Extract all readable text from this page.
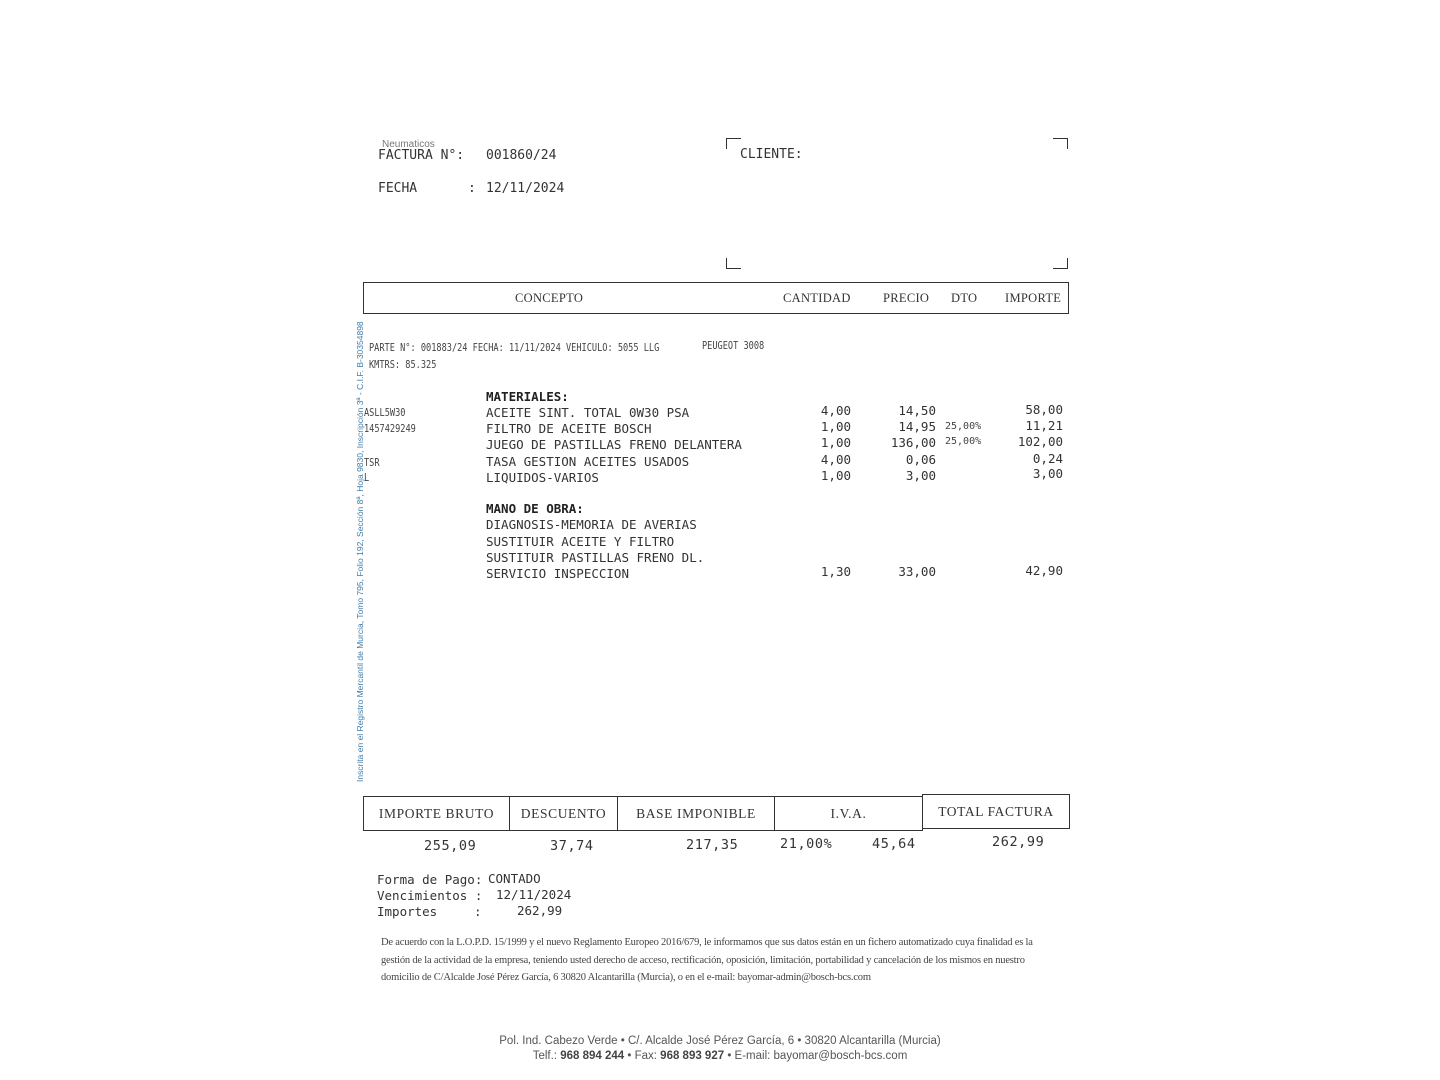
Neumaticos
FACTURA N°: 001860/24
FECHA	: 12/11/2024
CLIENTE:
CONCEPTO	CANTIDAD	PRECIO DTO IMPORTE
Inscrita en el Registro Mercantil de Murcia, Tomo 795, Folio 192, Sección 8ª, Hoja 9830, Inscripción 3ª - C.I.F. B-30354898 PARTE N°: 001883/24 FECHA: 11/11/2024 VEHICULO: 5055 LLG	PEUGEOT 3008
KMTRS: 85.325
MATERIALES:
ASLL5W30	ACEITE SINT. TOTAL 0W30 PSA	4,00	14,50	58,00
1457429249	FILTRO DE ACEITE BOSCH	1,00	14,95 25,00%	11,21
JUEGO DE PASTILLAS FRENO DELANTERA	1,00	136,00 25,00%	102,00
TSR	TASA GESTION ACEITES USADOS	4,00	0,06	0,24
L	LIQUIDOS-VARIOS	1,00	3,00	3,00
MANO DE OBRA:
DIAGNOSIS-MEMORIA DE AVERIAS
SUSTITUIR ACEITE Y FILTRO
SUSTITUIR PASTILLAS FRENO DL.
SERVICIO INSPECCION	1,30	33,00	42,90
IMPORTE BRUTO	DESCUENTO	BASE IMPONIBLE	I.V.A.	TOTAL FACTURA
255,09	37,74	217,35	21,00%	45,64	262,99
Forma de Pago: CONTADO
Vencimientos : 12/11/2024
Importes	:	262,99
De acuerdo con la L.O.P.D. 15/1999 y el nuevo Reglamento Europeo 2016/679, le informamos que sus datos están en un fichero automatizado cuya finalidad es la gestión de la actividad de la empresa, teniendo usted derecho de acceso, rectificación, oposición, limitación, portabilidad y cancelación de los mismos en nuestro domicilio de C/Alcalde José Pérez García, 6 30820 Alcantarilla (Murcia), o en el e-mail: bayomar-admin@bosch-bcs.com
Pol. Ind. Cabezo Verde • C/. Alcalde José Pérez García, 6 • 30820 Alcantarilla (Murcia)
Telf.: 968 894 244 • Fax: 968 893 927 • E-mail: bayomar@bosch-bcs.com
